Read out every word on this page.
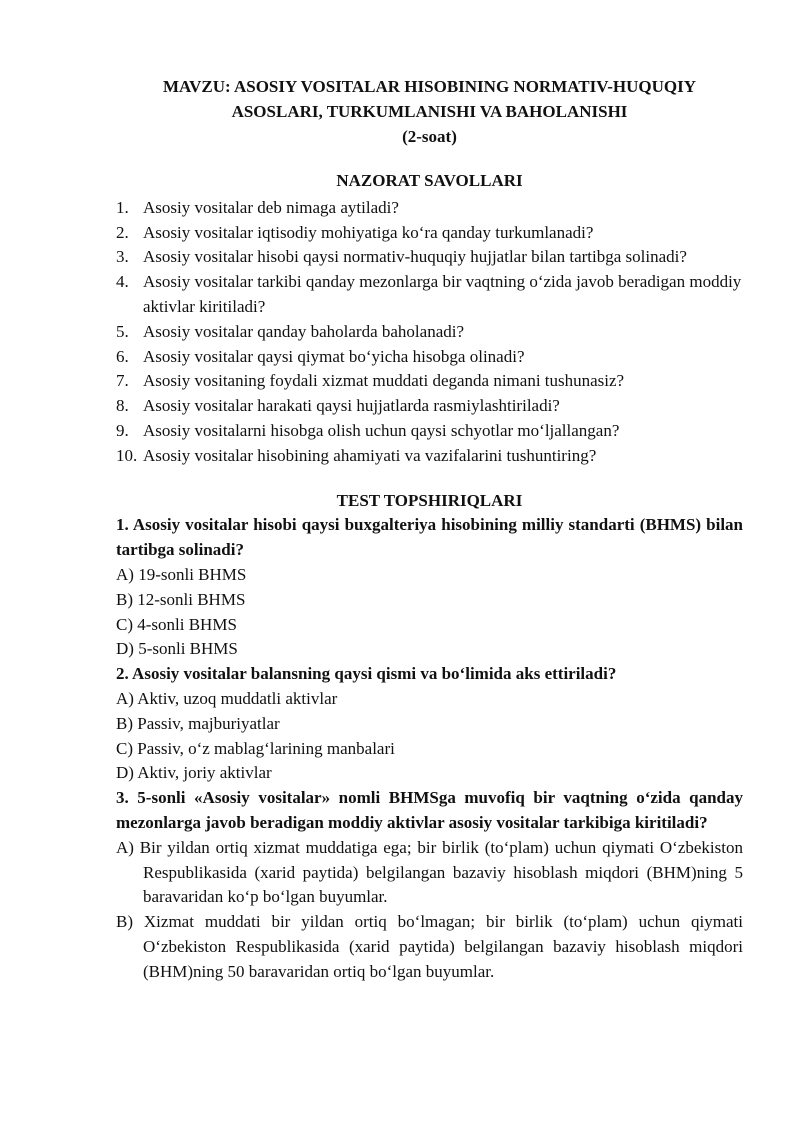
MAVZU: ASOSIY VOSITALAR HISOBINING NORMATIV-HUQUQIY
ASOSLARI, TURKUMLANISHI VA BAHOLANISHI
(2-soat)
NAZORAT SAVOLLARI
1. Asosiy vositalar deb nimaga aytiladi?
2. Asosiy vositalar iqtisodiy mohiyatiga ko‘ra qanday turkumlanadi?
3. Asosiy vositalar hisobi qaysi normativ-huquqiy hujjatlar bilan tartibga solinadi?
4. Asosiy vositalar tarkibi qanday mezonlarga bir vaqtning o‘zida javob beradigan moddiy aktivlar kiritiladi?
5. Asosiy vositalar qanday baholarda baholanadi?
6. Asosiy vositalar qaysi qiymat bo‘yicha hisobga olinadi?
7. Asosiy vositaning foydali xizmat muddati deganda nimani tushunasiz?
8. Asosiy vositalar harakati qaysi hujjatlarda rasmiylashtiriladi?
9. Asosiy vositalarni hisobga olish uchun qaysi schyotlar mo‘ljallangan?
10. Asosiy vositalar hisobining ahamiyati va vazifalarini tushuntiring?
TEST TOPSHIRIQLARI
1. Asosiy vositalar hisobi qaysi buxgalteriya hisobining milliy standarti (BHMS) bilan tartibga solinadi?
A) 19-sonli BHMS
B) 12-sonli BHMS
C) 4-sonli BHMS
D) 5-sonli BHMS
2. Asosiy vositalar balansning qaysi qismi va bo‘limida aks ettiriladi?
A) Aktiv, uzoq muddatli aktivlar
B) Passiv, majburiyatlar
C) Passiv, o‘z mablag‘larining manbalari
D) Aktiv, joriy aktivlar
3. 5-sonli «Asosiy vositalar» nomli BHMSga muvofiq bir vaqtning o‘zida qanday mezonlarga javob beradigan moddiy aktivlar asosiy vositalar tarkibiga kiritiladi?
A) Bir yildan ortiq xizmat muddatiga ega; bir birlik (to‘plam) uchun qiymati O‘zbekiston Respublikasida (xarid paytida) belgilangan bazaviy hisoblash miqdori (BHM)ning 5 baravaridan ko‘p bo‘lgan buyumlar.
B) Xizmat muddati bir yildan ortiq bo‘lmagan; bir birlik (to‘plam) uchun qiymati O‘zbekiston Respublikasida (xarid paytida) belgilangan bazaviy hisoblash miqdori (BHM)ning 50 baravaridan ortiq bo‘lgan buyumlar.
